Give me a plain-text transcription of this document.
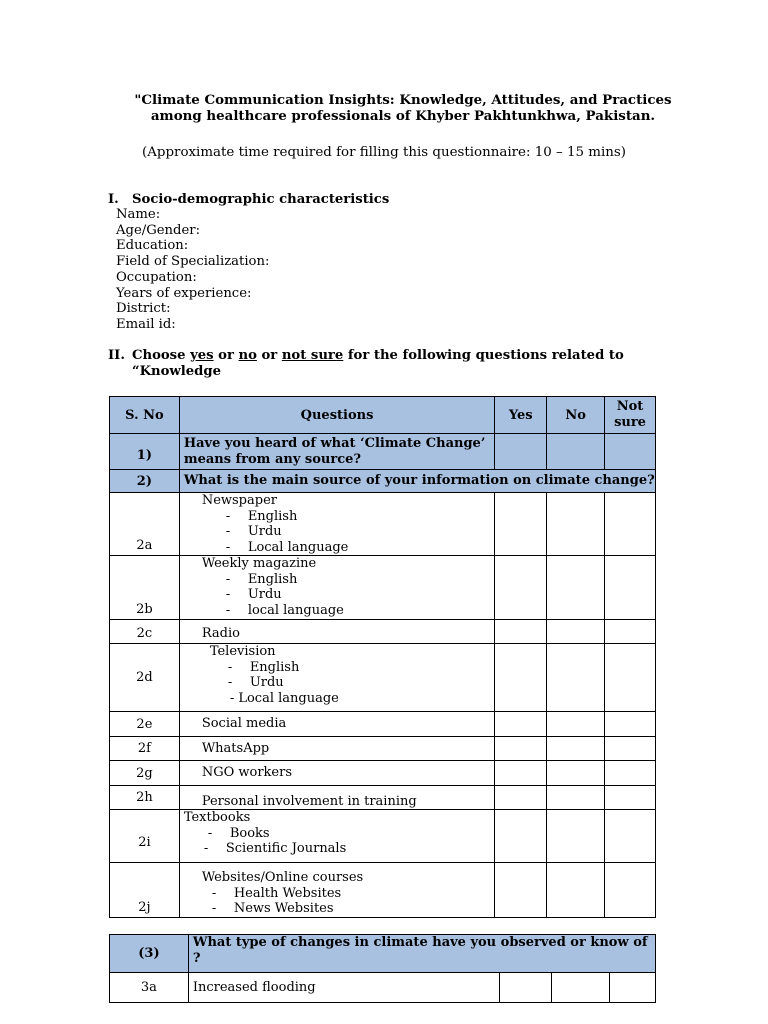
"Climate Communication Insights: Knowledge, Attitudes, and Practices
among healthcare professionals of Khyber Pakhtunkhwa, Pakistan.
(Approximate time required for filling this questionnaire: 10 – 15 mins)
I. Socio-demographic characteristics
Name:
Age/Gender:
Education:
Field of Specialization:
Occupation:
Years of experience:
District:
Email id:
II. Choose yes or no or not sure for the following questions related to
“Knowledge
S. No	Questions	Yes	No	Not
sure

1)	Have you heard of what ‘Climate Change’
means from any source?			

2)	What is the main source of your information on climate change?			
2a	Newspaper
- English
- Urdu
- Local language			

2b	Weekly magazine
- English
- Urdu
- local language			

2c	Radio			
2d	Television
- English
- Urdu
- Local language			

2e	Social media			
2f	WhatsApp			
2g	NGO workers			
2h	Personal involvement in training			
2i	Textbooks
- Books
- Scientific Journals			

2j	Websites/Online courses
- Health Websites
- News Websites			

(3)	What type of changes in climate have you observed or know of ?			
3a	Increased flooding			
